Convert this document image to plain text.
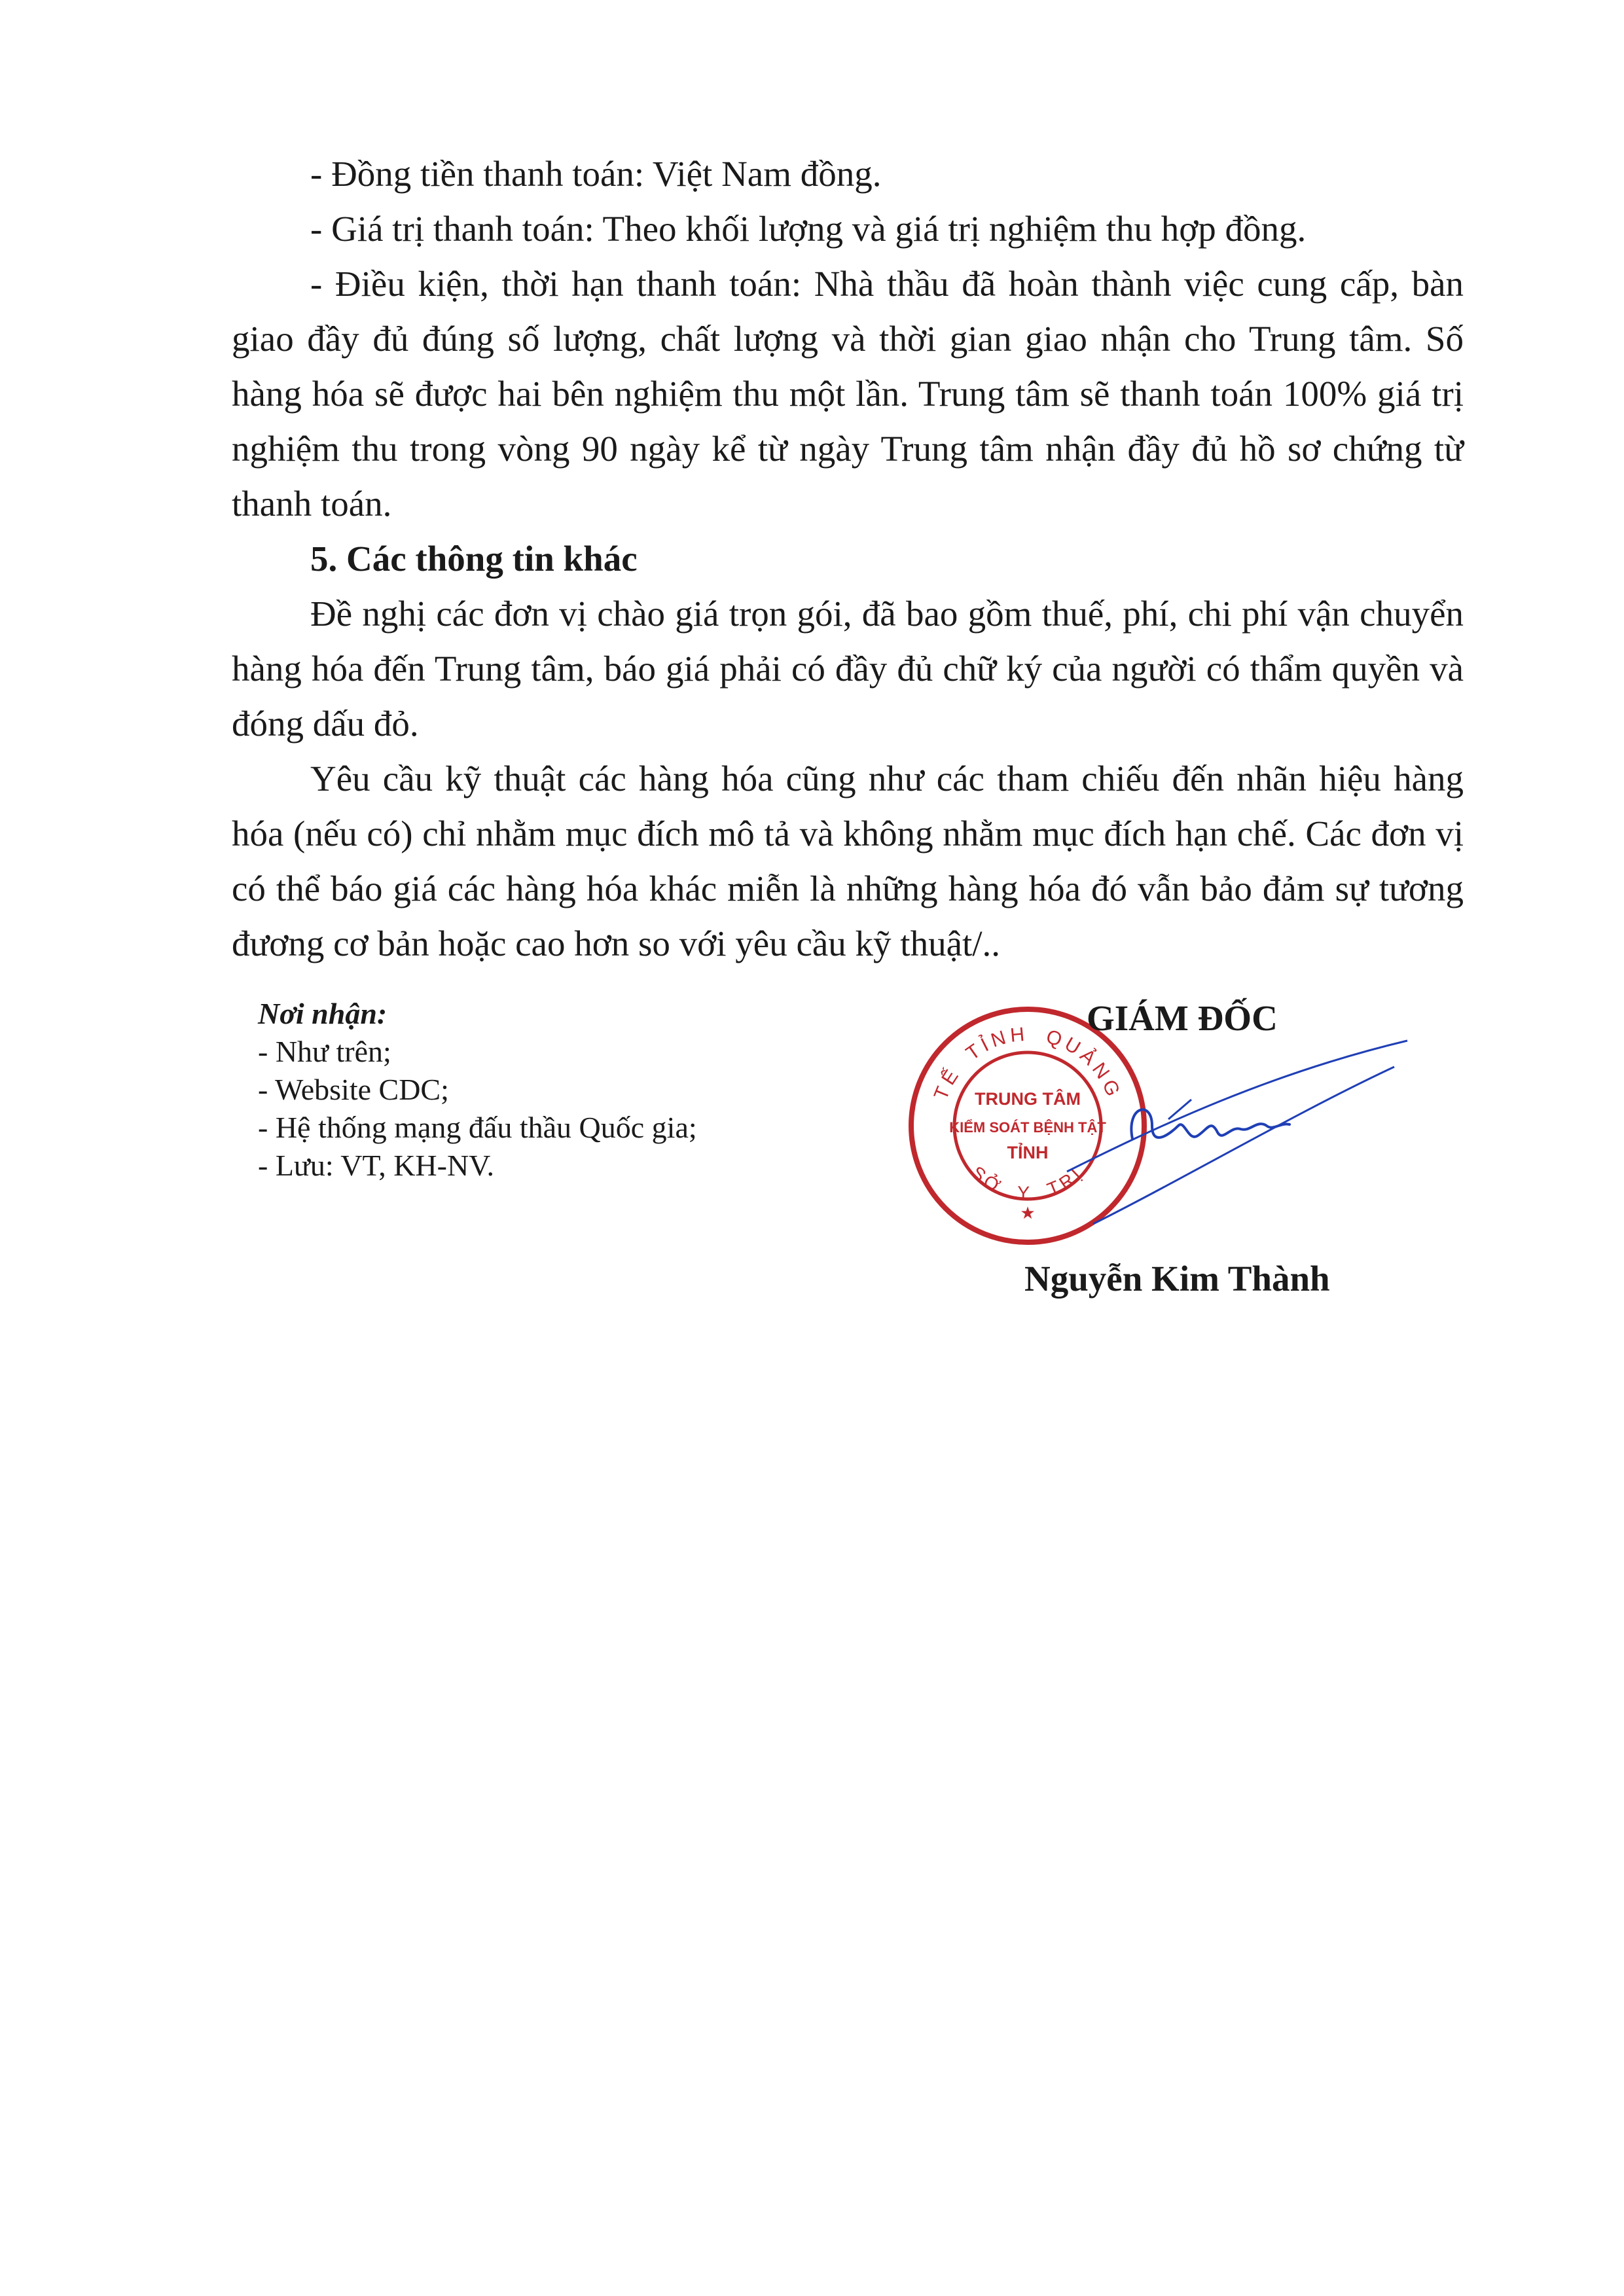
- Đồng tiền thanh toán: Việt Nam đồng.

- Giá trị thanh toán: Theo khối lượng và giá trị nghiệm thu hợp đồng.

- Điều kiện, thời hạn thanh toán: Nhà thầu đã hoàn thành việc cung cấp, bàn giao đầy đủ đúng số lượng, chất lượng và thời gian giao nhận cho Trung tâm. Số hàng hóa sẽ được hai bên nghiệm thu một lần. Trung tâm sẽ thanh toán 100% giá trị nghiệm thu trong vòng 90 ngày kể từ ngày Trung tâm nhận đầy đủ hồ sơ chứng từ thanh toán.

5. Các thông tin khác

Đề nghị các đơn vị chào giá trọn gói, đã bao gồm thuế, phí, chi phí vận chuyển hàng hóa đến Trung tâm, báo giá phải có đầy đủ chữ ký của người có thẩm quyền và đóng dấu đỏ.

Yêu cầu kỹ thuật các hàng hóa cũng như các tham chiếu đến nhãn hiệu hàng hóa (nếu có) chỉ nhằm mục đích mô tả và không nhằm mục đích hạn chế. Các đơn vị có thể báo giá các hàng hóa khác miễn là những hàng hóa đó vẫn bảo đảm sự tương đương cơ bản hoặc cao hơn so với yêu cầu kỹ thuật/..

Nơi nhận:

- Như trên;

- Website CDC;

- Hệ thống mạng đấu thầu Quốc gia;

- Lưu: VT, KH-NV.

TẾ TỈNH QUẢNG
SỞ Y TRỊ
TRUNG TÂM
KIỂM SOÁT BỆNH TẬT
TỈNH
★
GIÁM ĐỐC
Nguyễn Kim Thành
